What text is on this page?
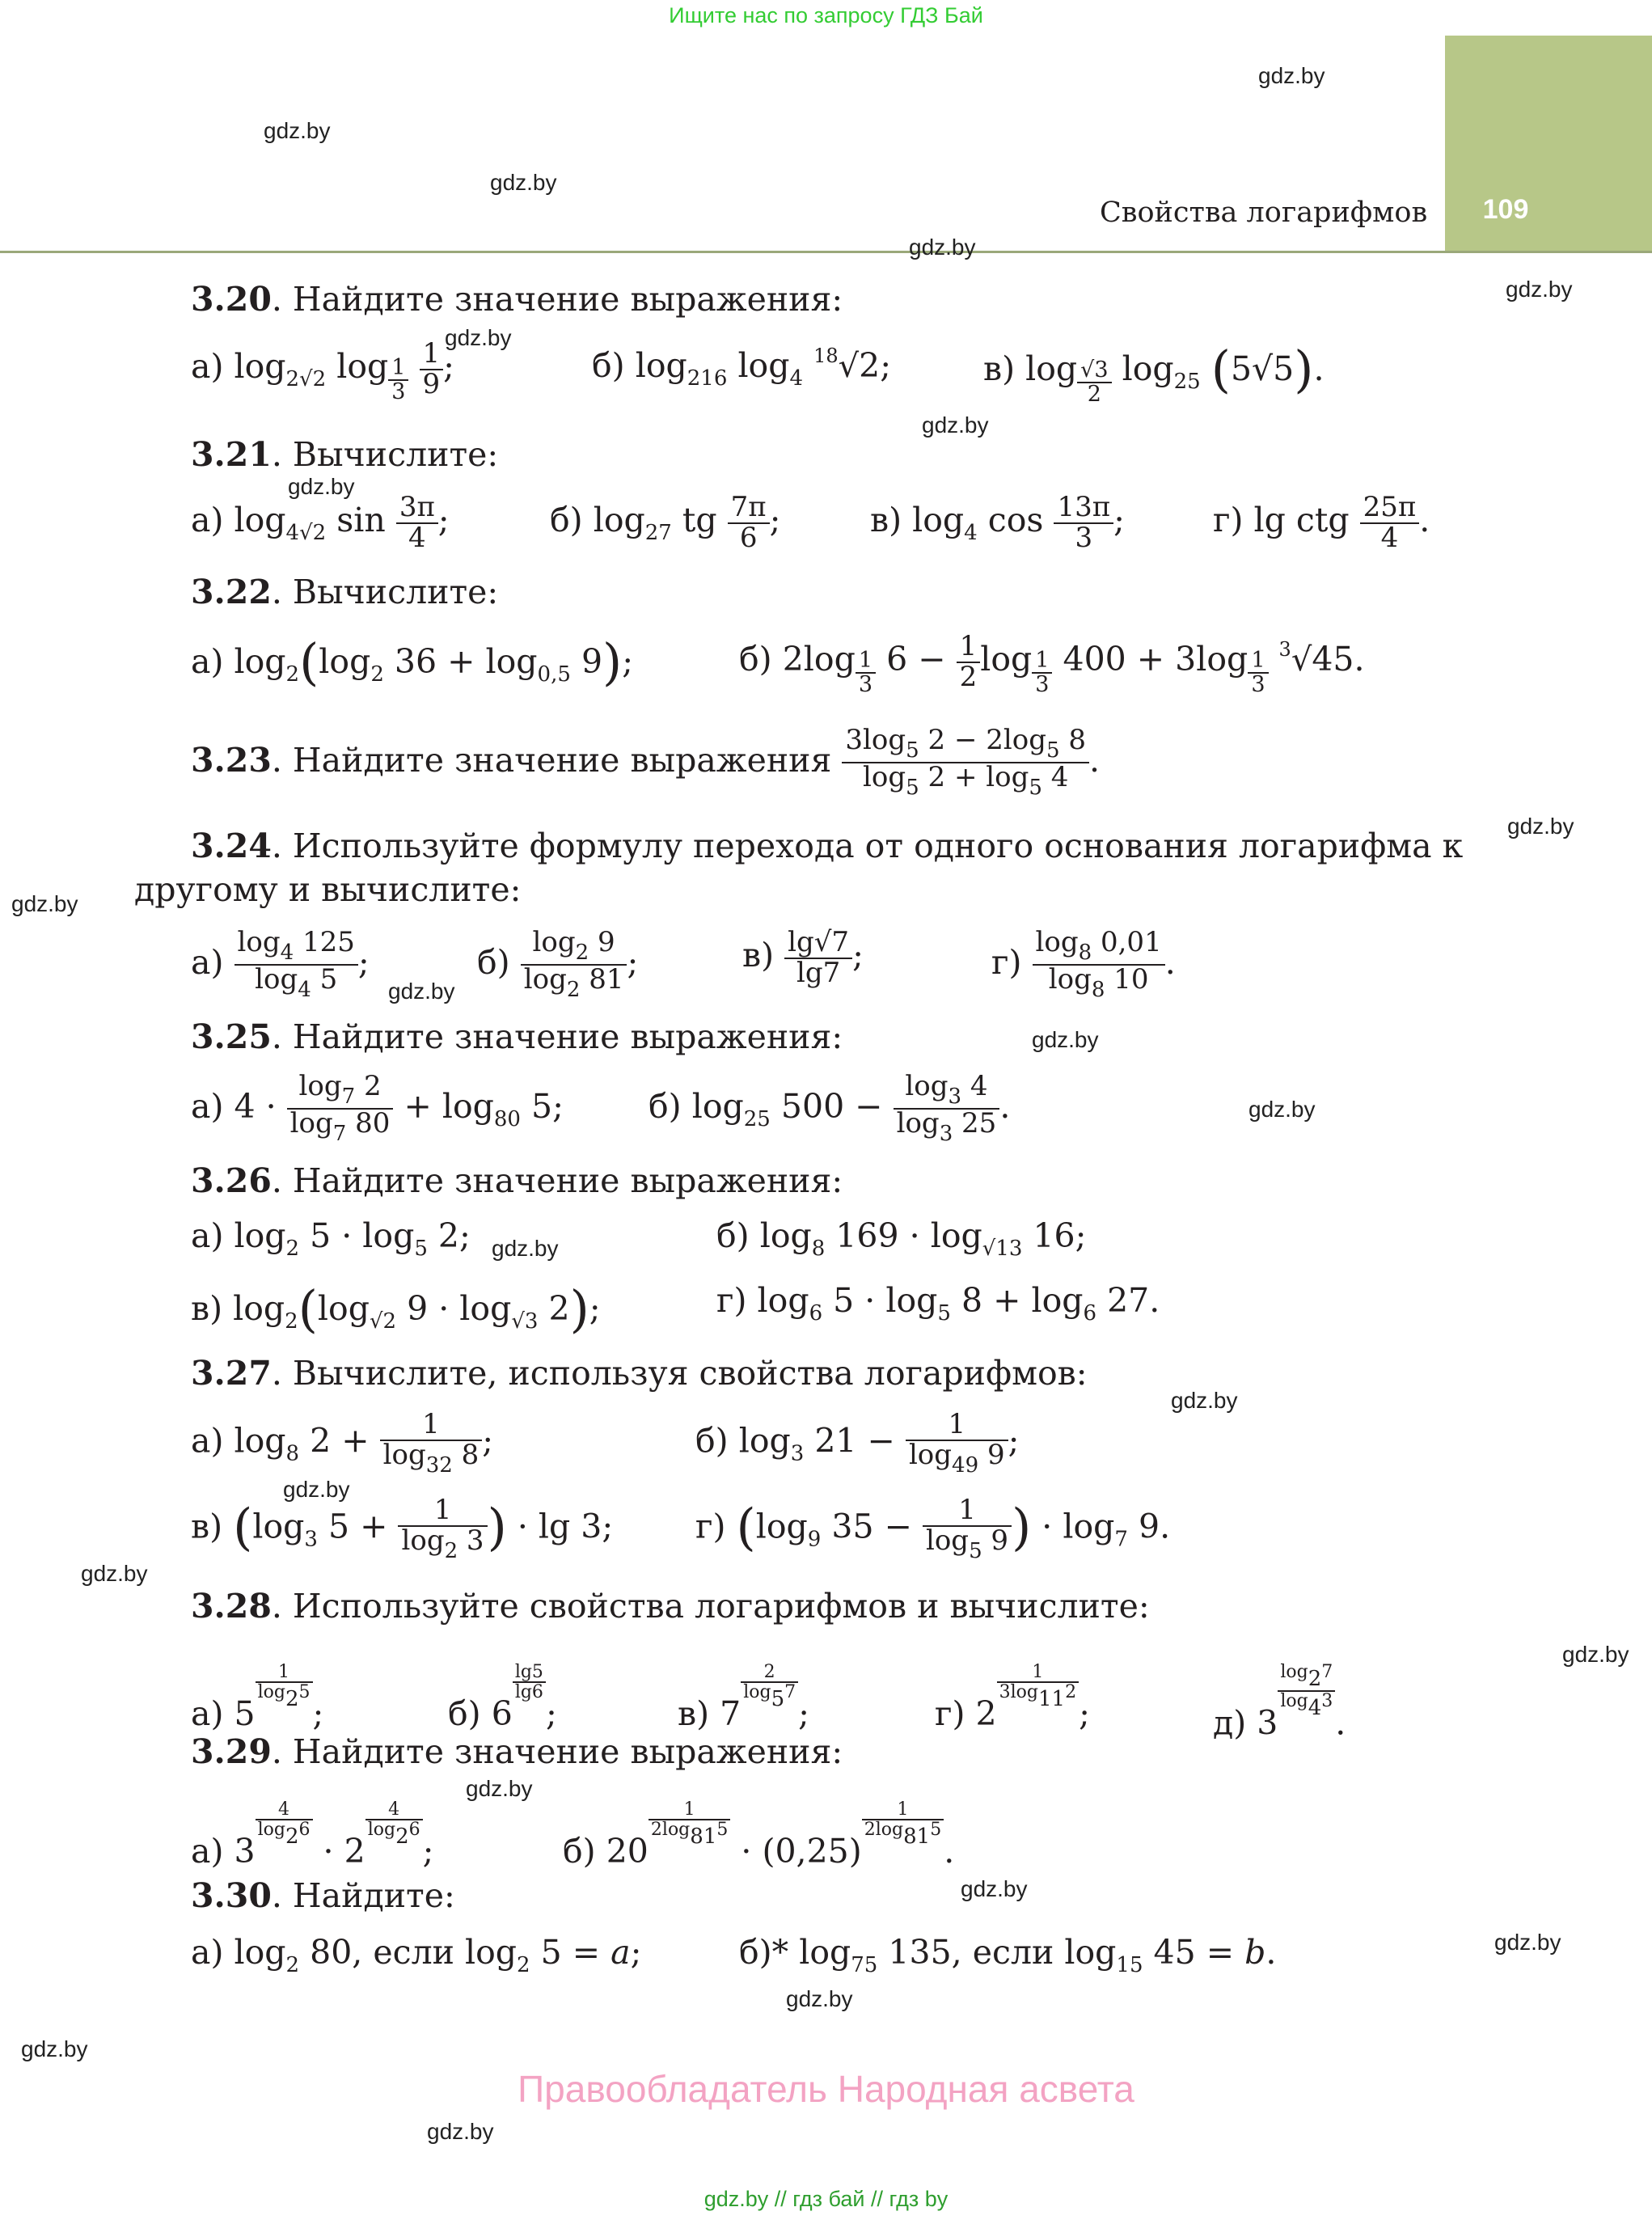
Ищите нас по запросу ГДЗ Бай
109
Свойства логарифмов
gdz.by
gdz.by
gdz.by
gdz.by
gdz.by
gdz.by
gdz.by
gdz.by
gdz.by
gdz.by
gdz.by
gdz.by
gdz.by
gdz.by
gdz.by
gdz.by
gdz.by
gdz.by
gdz.by
gdz.by
gdz.by
gdz.by
gdz.by
gdz.by
3.20. Найдите значение выражения:
а) $\log_{2√2} \log _{\frac{1}{3}}$
$\frac{1}{9}$ ;	б) $\log_{216} \log_4 ^{18}√2$;	в) log $_{\frac{√3}{2}}$ $\log_{25} (5√5)$.
3.21. Вычислите:
а) $\log_{4√2} \sin \frac{3\pi}{4}$ ;	б) $\log_{27}$ tg $\frac{7\pi}{6}$ ;	в) $\log_4 \cos \frac{13\pi}{3}$ ;	г) lg ctg $\frac{25\pi}{4}$ .
3.22. Вычислите:
а) $\log_2(\log_2$ $36 + \log_{0,5} 9$);	б) 2log $_{\frac{1}{3}}$ $6 - \frac{1}{2}$ log $_{\frac{1}{3}}$ 400 + 3log $_{\frac{1}{3}}$ $^3$√45.
3.23. Найдите значение выражения $\frac{3\log_5 2 - 2\log_5 8}{\log_5 2 + \log_5 4}$ .
3.24. Используйте формулу перехода от одного основания логарифма к
другому и вычислите:
$а) \frac{\log_4 125}{\log_4 5}$ ;	$б) \frac{\log_2 9}{\log_2 81}$ ;	$в) \frac{\lg√7}{\lg 7}$ ;	$г) \frac{\log_8 0,01}{\log_8 10}$ .
3.25. Найдите значение выражения:
а) $4 \cdot \frac{\log_7 2}{\log_7 80} + \log_{80} 5$;	б) $\log_{25} 500 - \frac{\log_3 4}{\log_3 25}$ .
3.26. Найдите значение выражения:
а) $\log_2 5 \cdot \log_5 2$;	б) $\log_8 169 \cdot \log_{√13} 16$;
в) $\log_2(\log_{√2}$ $9 \cdot \log_{√3} 2$);	г) $\log_6 5 \cdot \log_5 8 + \log_6 27$.
3.27. Вычислите, используя свойства логарифмов:
а) $\log_8 2 + \frac{1}{\log_{32} 8}$ ;	б) $\log_3 21 - \frac{1}{\log_{49} 9}$ ;
в) ($\log_3$ $5 + \frac{1}{\log_2 3}$ ) · lg 3; г) ($\log_9$ $35 - \frac{1}{\log_5 9}$ ) · $\log_7 9$.
3.28. Используйте свойства логарифмов и вычислите:
а) 5
$\frac{1}{\log_25}$
;	б) 6
$\frac{\lg 5}{\lg 6}$
;	в) 7
$\frac{2}{\log_57}$
;	г) 2
$\frac{1}{3\log_{11}2}$
;	д) 3
$\frac{\log_27}{\log_43}$
.
3.29. Найдите значение выражения:
а) 3
$\frac{4}{\log_26}$
· 2
$\frac{4}{\log_26}$
;	б) 20
$\frac{1}{2\log_{81}5}$
· (0,25)
$\frac{1}{2\log_{81}5}$
.
3.30. Найдите:
а) $\log_2 80$, если $\log_2 5 = a$;	б)* $\log_{75} 135$, если $\log_{15} 45 = b$.
Правообладатель Народная асвета
gdz.by // гдз бай // гдз by
